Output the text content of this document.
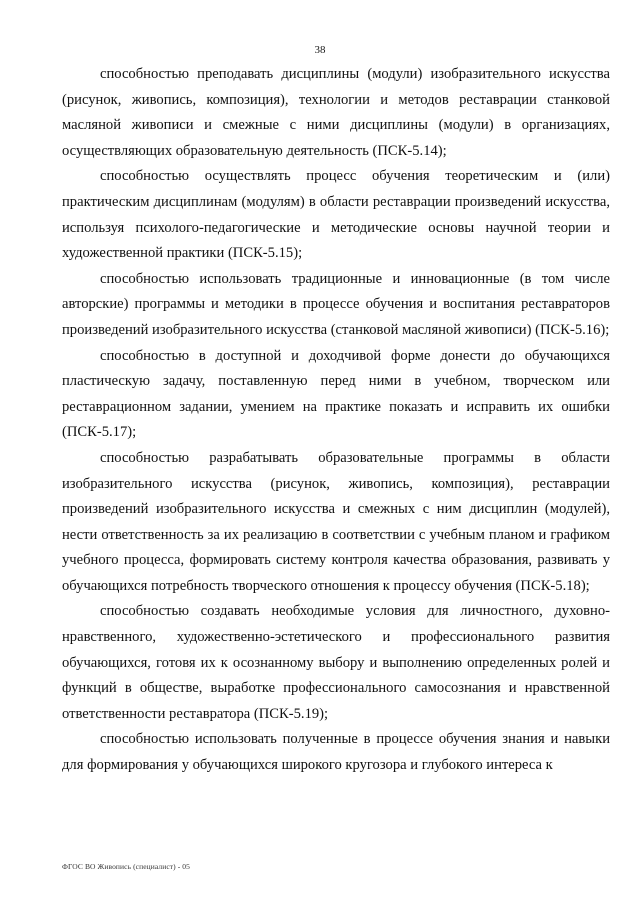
38

способностью преподавать дисциплины (модули) изобразительного искусства (рисунок, живопись, композиция), технологии и методов реставрации станковой масляной живописи и смежные с ними дисциплины (модули) в организациях, осуществляющих образовательную деятельность (ПСК-5.14);

способностью осуществлять процесс обучения теоретическим и (или) практическим дисциплинам (модулям) в области реставрации произведений искусства, используя психолого-педагогические и методические основы научной теории и художественной практики (ПСК-5.15);

способностью использовать традиционные и инновационные (в том числе авторские) программы и методики в процессе обучения и воспитания реставраторов произведений изобразительного искусства (станковой масляной живописи) (ПСК-5.16);

способностью в доступной и доходчивой форме донести до обучающихся пластическую задачу, поставленную перед ними в учебном, творческом или реставрационном задании, умением на практике показать и исправить их ошибки (ПСК-5.17);

способностью разрабатывать образовательные программы в области изобразительного искусства (рисунок, живопись, композиция), реставрации произведений изобразительного искусства и смежных с ним дисциплин (модулей), нести ответственность за их реализацию в соответствии с учебным планом и графиком учебного процесса, формировать систему контроля качества образования, развивать у обучающихся потребность творческого отношения к процессу обучения (ПСК-5.18);

способностью создавать необходимые условия для личностного, духовно-нравственного, художественно-эстетического и профессионального развития обучающихся, готовя их к осознанному выбору и выполнению определенных ролей и функций в обществе, выработке профессионального самосознания и нравственной ответственности реставратора (ПСК-5.19);

способностью использовать полученные в процессе обучения знания и навыки для формирования у обучающихся широкого кругозора и глубокого интереса к

ФГОС ВО Живопись (специалист) - 05
